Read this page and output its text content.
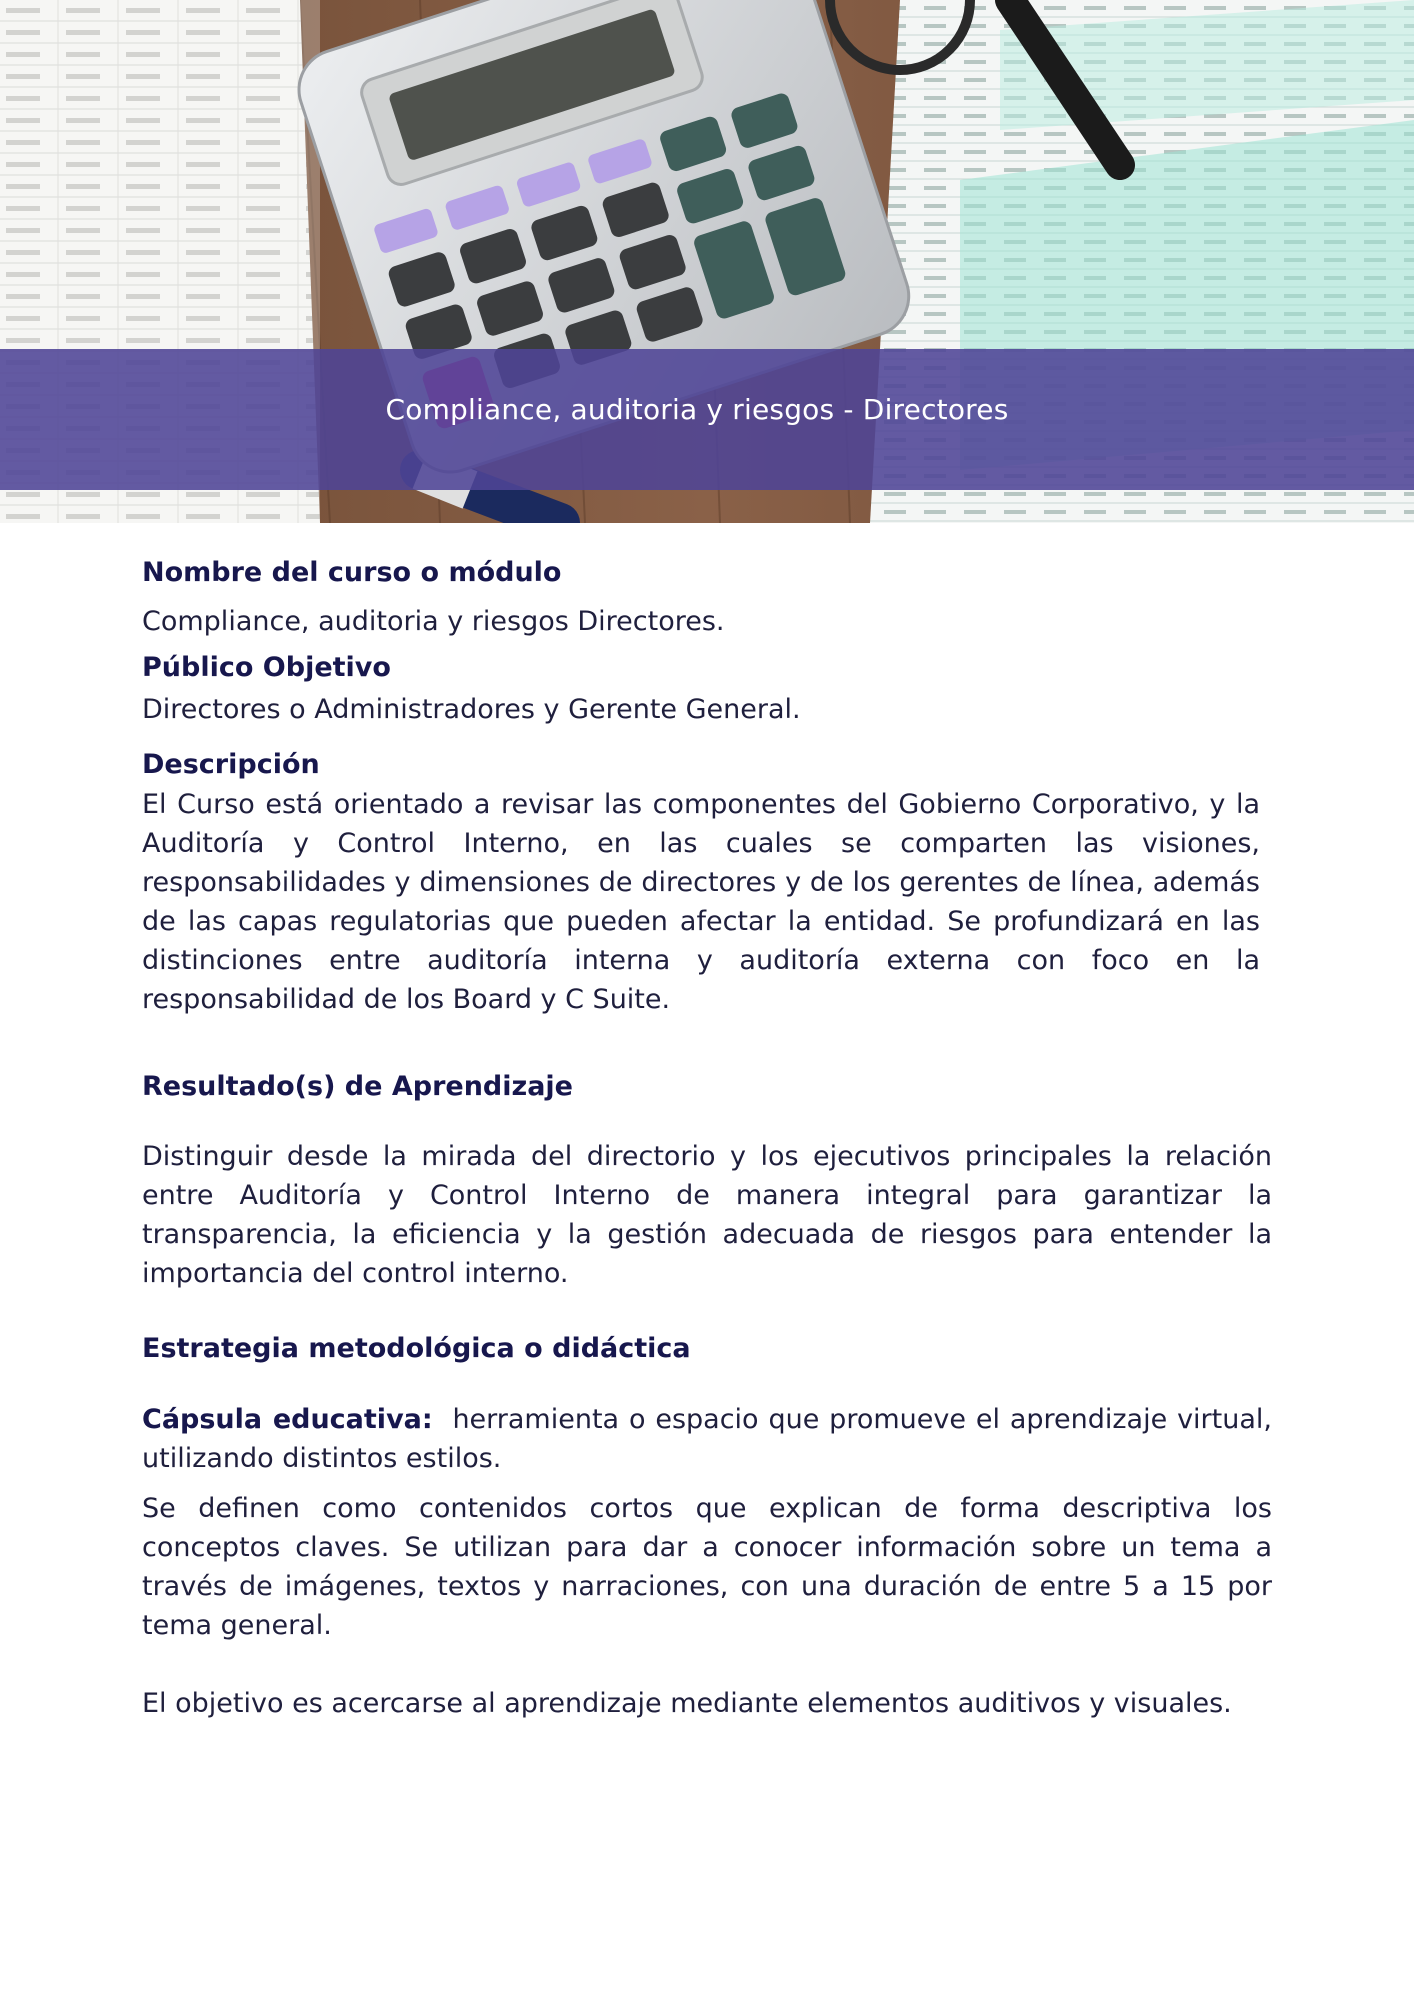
Compliance, auditoria y riesgos - Directores
Nombre del curso o módulo
Compliance, auditoria y riesgos Directores.
Público Objetivo
Directores o Administradores y Gerente General.
Descripción
El Curso está orientado a revisar las componentes del Gobierno Corporativo, y la Auditoría y Control Interno, en las cuales se comparten las visiones, responsabilidades y dimensiones de directores y de los gerentes de línea, además de las capas regulatorias que pueden afectar la entidad. Se profundizará en las distinciones entre auditoría interna y auditoría externa con foco en la responsabilidad de los Board y C Suite.
Resultado(s) de Aprendizaje
Distinguir desde la mirada del directorio y los ejecutivos principales la relación entre Auditoría y Control Interno de manera integral para garantizar la transparencia, la eficiencia y la gestión adecuada de riesgos para entender la importancia del control interno.
Estrategia metodológica o didáctica
Cápsula educativa: herramienta o espacio que promueve el aprendizaje virtual, utilizando distintos estilos.
Se definen como contenidos cortos que explican de forma descriptiva los conceptos claves. Se utilizan para dar a conocer información sobre un tema a través de imágenes, textos y narraciones, con una duración de entre 5 a 15 por tema general.
El objetivo es acercarse al aprendizaje mediante elementos auditivos y visuales.
